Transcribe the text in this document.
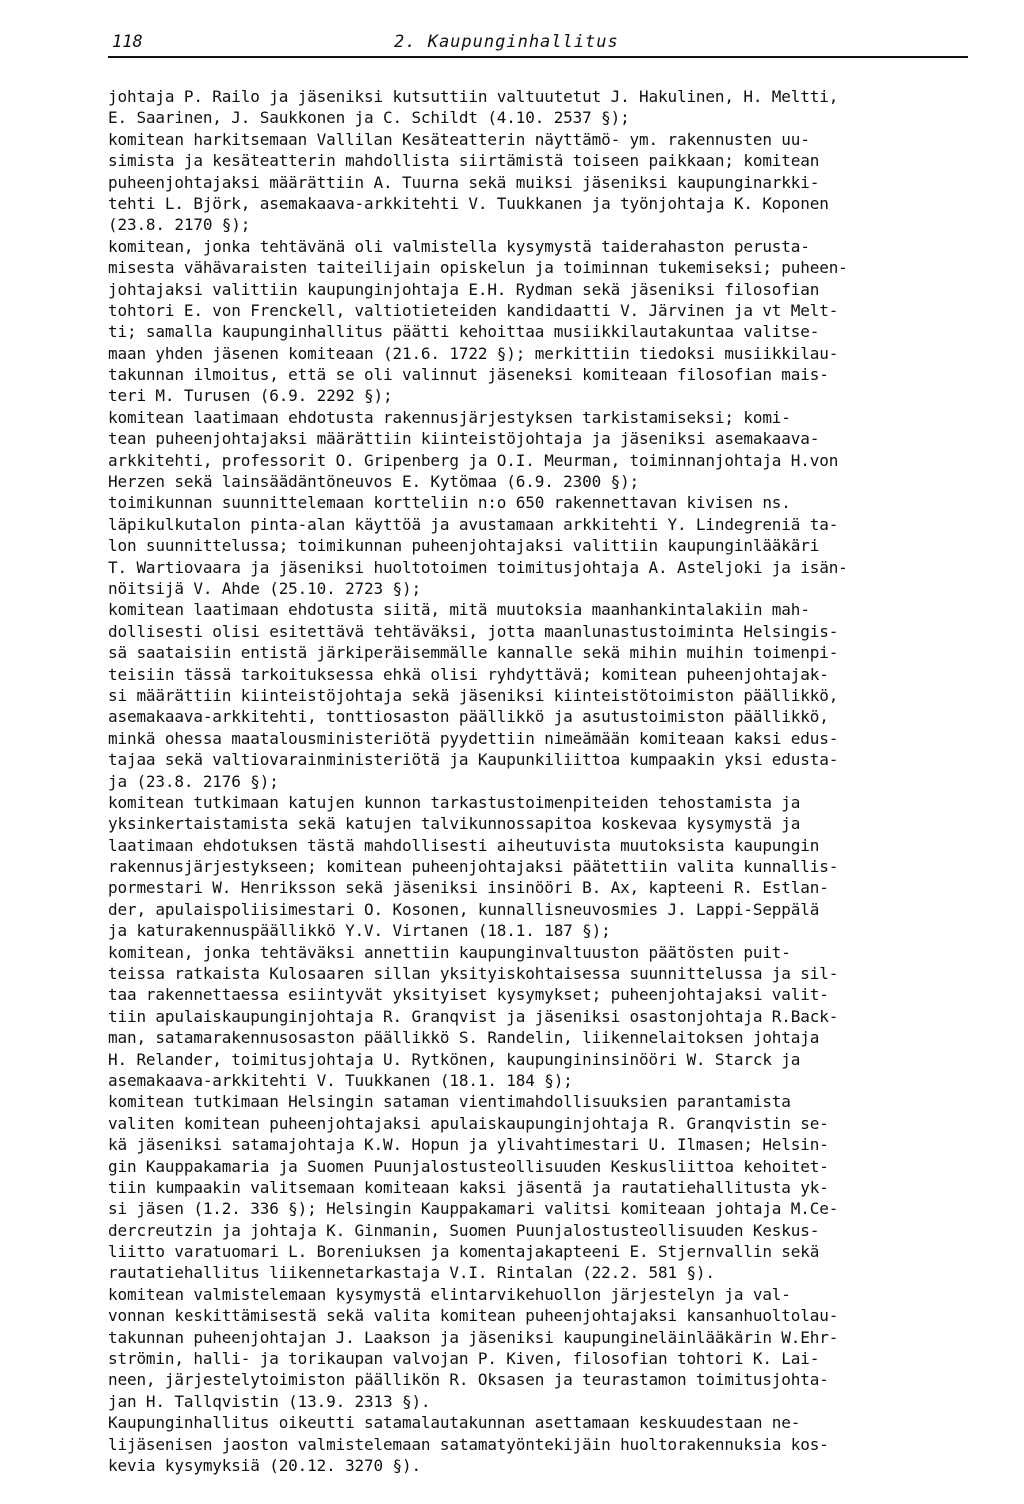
118	2. Kaupunginhallitus
johtaja P. Railo ja jäseniksi kutsuttiin valtuutetut J. Hakulinen, H. Meltti,
E. Saarinen, J. Saukkonen ja C. Schildt (4.10. 2537 §);
komitean harkitsemaan Vallilan Kesäteatterin näyttämö- ym. rakennusten uu-
simista ja kesäteatterin mahdollista siirtämistä toiseen paikkaan; komitean
puheenjohtajaksi määrättiin A. Tuurna sekä muiksi jäseniksi kaupunginarkki-
tehti L. Björk, asemakaava-arkkitehti V. Tuukkanen ja työnjohtaja K. Koponen
(23.8. 2170 §);
komitean, jonka tehtävänä oli valmistella kysymystä taiderahaston perusta-
misesta vähävaraisten taiteilijain opiskelun ja toiminnan tukemiseksi; puheen-
johtajaksi valittiin kaupunginjohtaja E.H. Rydman sekä jäseniksi filosofian
tohtori E. von Frenckell, valtiotieteiden kandidaatti V. Järvinen ja vt Melt-
ti; samalla kaupunginhallitus päätti kehoittaa musiikkilautakuntaa valitse-
maan yhden jäsenen komiteaan (21.6. 1722 §); merkittiin tiedoksi musiikkilau-
takunnan ilmoitus, että se oli valinnut jäseneksi komiteaan filosofian mais-
teri M. Turusen (6.9. 2292 §);
komitean laatimaan ehdotusta rakennusjärjestyksen tarkistamiseksi; komi-
tean puheenjohtajaksi määrättiin kiinteistöjohtaja ja jäseniksi asemakaava-
arkkitehti, professorit O. Gripenberg ja O.I. Meurman, toiminnanjohtaja H.von
Herzen sekä lainsäädäntöneuvos E. Kytömaa (6.9. 2300 §);
toimikunnan suunnittelemaan kortteliin n:o 650 rakennettavan kivisen ns.
läpikulkutalon pinta-alan käyttöä ja avustamaan arkkitehti Y. Lindegreniä ta-
lon suunnittelussa; toimikunnan puheenjohtajaksi valittiin kaupunginlääkäri
T. Wartiovaara ja jäseniksi huoltotoimen toimitusjohtaja A. Asteljoki ja isän-
nöitsijä V. Ahde (25.10. 2723 §);
komitean laatimaan ehdotusta siitä, mitä muutoksia maanhankintalakiin mah-
dollisesti olisi esitettävä tehtäväksi, jotta maanlunastustoiminta Helsingis-
sä saataisiin entistä järkiperäisemmälle kannalle sekä mihin muihin toimenpi-
teisiin tässä tarkoituksessa ehkä olisi ryhdyttävä; komitean puheenjohtajak-
si määrättiin kiinteistöjohtaja sekä jäseniksi kiinteistötoimiston päällikkö,
asemakaava-arkkitehti, tonttiosaston päällikkö ja asutustoimiston päällikkö,
minkä ohessa maatalousministeriötä pyydettiin nimeämään komiteaan kaksi edus-
tajaa sekä valtiovarainministeriötä ja Kaupunkiliittoa kumpaakin yksi edusta-
ja (23.8. 2176 §);
komitean tutkimaan katujen kunnon tarkastustoimenpiteiden tehostamista ja
yksinkertaistamista sekä katujen talvikunnossapitoa koskevaa kysymystä ja
laatimaan ehdotuksen tästä mahdollisesti aiheutuvista muutoksista kaupungin
rakennusjärjestykseen; komitean puheenjohtajaksi päätettiin valita kunnallis-
pormestari W. Henriksson sekä jäseniksi insinööri B. Ax, kapteeni R. Estlan-
der, apulaispoliisimestari O. Kosonen, kunnallisneuvosmies J. Lappi-Seppälä
ja katurakennuspäällikkö Y.V. Virtanen (18.1. 187 §);
komitean, jonka tehtäväksi annettiin kaupunginvaltuuston päätösten puit-
teissa ratkaista Kulosaaren sillan yksityiskohtaisessa suunnittelussa ja sil-
taa rakennettaessa esiintyvät yksityiset kysymykset; puheenjohtajaksi valit-
tiin apulaiskaupunginjohtaja R. Granqvist ja jäseniksi osastonjohtaja R.Back-
man, satamarakennusosaston päällikkö S. Randelin, liikennelaitoksen johtaja
H. Relander, toimitusjohtaja U. Rytkönen, kaupungininsinööri W. Starck ja
asemakaava-arkkitehti V. Tuukkanen (18.1. 184 §);
komitean tutkimaan Helsingin sataman vientimahdollisuuksien parantamista
valiten komitean puheenjohtajaksi apulaiskaupunginjohtaja R. Granqvistin se-
kä jäseniksi satamajohtaja K.W. Hopun ja ylivahtimestari U. Ilmasen; Helsin-
gin Kauppakamaria ja Suomen Puunjalostusteollisuuden Keskusliittoa kehoitet-
tiin kumpaakin valitsemaan komiteaan kaksi jäsentä ja rautatiehallitusta yk-
si jäsen (1.2. 336 §); Helsingin Kauppakamari valitsi komiteaan johtaja M.Ce-
dercreutzin ja johtaja K. Ginmanin, Suomen Puunjalostusteollisuuden Keskus-
liitto varatuomari L. Boreniuksen ja komentajakapteeni E. Stjernvallin sekä
rautatiehallitus liikennetarkastaja V.I. Rintalan (22.2. 581 §).
komitean valmistelemaan kysymystä elintarvikehuollon järjestelyn ja val-
vonnan keskittämisestä sekä valita komitean puheenjohtajaksi kansanhuoltolau-
takunnan puheenjohtajan J. Laakson ja jäseniksi kaupungineläinlääkärin W.Ehr-
strömin, halli- ja torikaupan valvojan P. Kiven, filosofian tohtori K. Lai-
neen, järjestelytoimiston päällikön R. Oksasen ja teurastamon toimitusjohta-
jan H. Tallqvistin (13.9. 2313 §).
Kaupunginhallitus oikeutti satamalautakunnan asettamaan keskuudestaan ne-
lijäsenisen jaoston valmistelemaan satamatyöntekijäin huoltorakennuksia kos-
kevia kysymyksiä (20.12. 3270 §).
